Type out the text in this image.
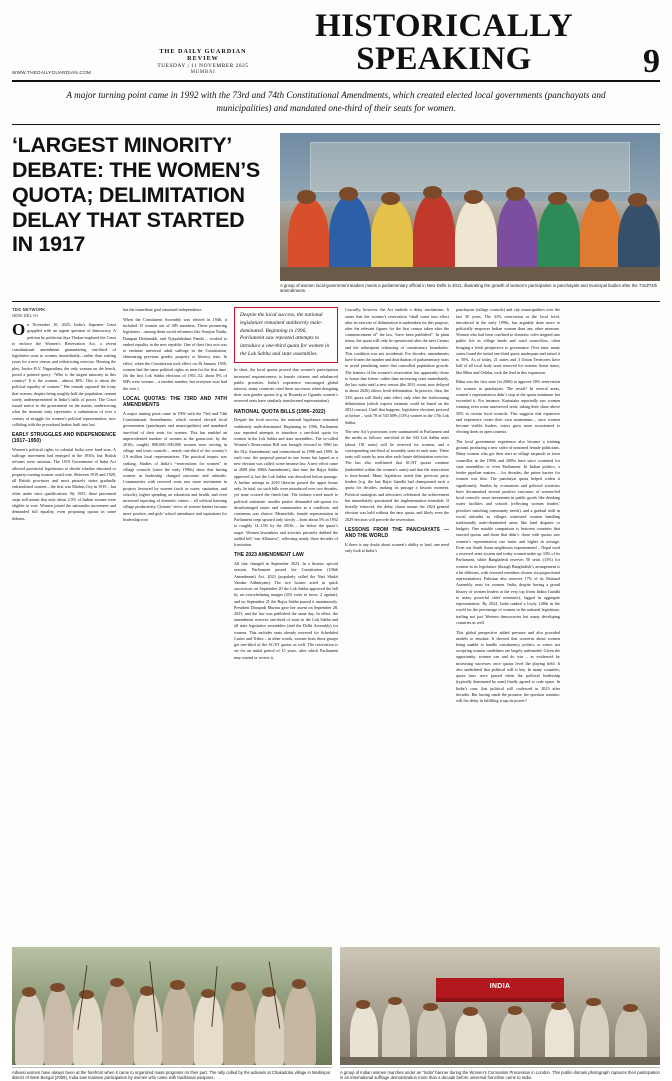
WWW.THEDAILYGUARDIAN.COM
THE DAILY GUARDIAN REVIEW
TUESDAY | 11 NOVEMBER 2025
MUMBAI
HISTORICALLY SPEAKING	9
A major turning point came in 1992 with the 73rd and 74th Constitutional Amendments, which created elected local governments (panchayats and municipalities) and mandated one-third of their seats for women.
‘LARGEST MINORITY’ DEBATE: THE WOMEN’S QUOTA; DELIMITATION DELAY THAT STARTED IN 1917
A group of women local-government leaders meets a parliamentary official in New Delhi in 2011, illustrating the growth of women’s participation in panchayats and municipal bodies after the 73rd/74th amendments.
TDG NETWORK
NEW DEL HI

On November 10, 2025, India’s Supreme Court grappled with an urgent question of democracy. A petition by politician Jaya Thakur implored the Court to enforce the Women’s Reservation Act, a recent constitutional amendment guaranteeing one-third of legislative seats to women, immediately—rather than waiting years for a new census and redistricting exercise. Hearing the plea, Justice B.V. Nagarathna, the only woman on the bench, posed a pointed query: “Who is the largest minority in this country? It is the woman... almost 48%. This is about the political equality of women.” Her remark captured the irony that women, despite being roughly half the population, remain sorely underrepresented in India’s halls of power. The Court issued notice to the government on the matter, underscoring what the moment truly represents: a culmination of over a century of struggle for women’s political representation, now colliding with the procedural brakes built into law.

EARLY STRUGGLES AND INDEPENDENCE (1917–1950)

Women’s political rights in colonial India were hard-won. A suffrage movement had emerged in the 1910s, but British reforms were cautious. The 1919 Government of India Act allowed provincial legislatures to decide whether educated or property-owning women could vote. Between 1919 and 1929, all British provinces and most princely states gradually enfranchised women – the first was Madras City in 1919 – but often under strict qualifications. By 1935, these piecemeal steps still meant that only about 2.5% of Indian women were eligible to vote. Women joined the nationalist movement and demanded full equality, even proposing quotas in some debates,

but the immediate goal remained independence.

When the Constituent Assembly was elected in 1946, it included 15 women out of 389 members. These pioneering legislators – among them social reformers like Sarojini Naidu, Dampati Deshmukh, and Vijayalakshmi Pandit – worked to embed equality in the new republic. One of their first acts was to enshrine universal adult suffrage in the Constitution, eliminating previous gender, property or literacy tests. In effect, when the Constitution took effect on 26 January 1950, women had the same political rights as men for the first time. (In the first Lok Sabha elections of 1951–52, about 8% of MPs were women – a modest number, but everyone now had the vote.)

LOCAL QUOTAS: THE 73RD AND 74TH AMENDMENTS

A major turning point came in 1992 with the 73rd and 74th Constitutional Amendments, which created elected local governments (panchayats and municipalities) and mandated one-third of their seats for women. This has enabled an unprecedented number of women at the grassroots: by the 2010s, roughly 800,000–900,000 women were serving in village and town councils – nearly one-third of the country’s 2.9 million local representatives. The practical impact was striking. Studies of India’s “reservations for women” in village councils (since the early 1990s) show that having women in leadership changed outcomes and attitudes. Communities with reserved seats saw more investment in projects favoured by women (such as water, sanitation, and schools), higher spending on education and health, and even increased reporting of domestic crimes – all without harming village productivity. Citizens’ views of women leaders became more positive, and girls’ school attendance and aspirations for leadership rose.

Despite the local success, the national legislature remained stubbornly male-dominated. Beginning in 1996, Parliament saw repeated attempts to introduce a one-third quota for women in the Lok Sabha and state assemblies.

In short, the local quotas proved that women’s participation increased responsiveness to female citizens and rebalanced public priorities. India’s experience encouraged global interest; many countries cited these successes when designing their own gender quotas (e.g. in Rwanda or Uganda, women’s reserved seats have similarly transformed representation).

NATIONAL QUOTA BILLS (1996–2022)

Despite the local success, the national legislature remained stubbornly male-dominated. Beginning in 1996, Parliament saw repeated attempts to introduce a one-third quota for women in the Lok Sabha and state assemblies. The so-called Women’s Reservation Bill was brought forward in 1996 (as the 81st Amendment) and reintroduced in 1998 and 1999. In each case, the proposal passed in one house but lapsed as a new election was called; some became law. A new effort came in 2008 (the 108th Amendment), that time the Rajya Sabha approved it, but the Lok Sabha was dissolved before passage. A further attempt in 2010 likewise passed the upper house only. In total, six such bills were introduced over two decades, yet none crossed the finish line. The failures owed much to political stalemate: smaller parties demanded sub-quotas for disadvantaged castes and communities as a condition, and consensus was elusive. Meanwhile, female representation in Parliament crept upward only slowly – from about 5% in 1952 to roughly 14–15% by the 2010s – far below the quota’s target. Women lawmakers and activists privately dubbed the stalled bill “our Albatross”, reflecting nearly three decades of frustration.

THE 2023 AMENDMENT LAW

All that changed in September 2023. In a historic special session, Parliament passed the Constitution (106th Amendment) Act, 2023 (popularly called the Nari Shakti Vandan Adhiniyam). The two houses acted in quick succession: on September 20 the Lok Sabha approved the bill by an overwhelming margin (454 votes in favor, 2 against), and on September 21 the Rajya Sabha passed it unanimously. President Droupadi Murmu gave her assent on September 28, 2023, and the law was published the same day. In effect, the amendment reserves one-third of seats in the Lok Sabha and all state legislative assemblies (and the Delhi Assembly) for women. This includes seats already reserved for Scheduled Castes and Tribes – in other words, women from those groups get one-third of the SC/ST quotas as well. The reservation is set for an initial period of 15 years, after which Parliament may extend or review it.

Crucially, however, the Act embeds a delay mechanism. It states that the women’s reservation “shall come into effect after an exercise of delimitation is undertaken for this purpose, after the relevant figures for the first census taken after the commencement of” the law, “have been published”. In plain terms, the quota will only be operational after the next Census and the subsequent redrawing of constituency boundaries. This condition was not accidental. For decades, amendments have frozen the number and distribution of parliamentary seats to avoid penalizing states that controlled population growth. The framers of the women’s reservation law apparently chose to honor that freeze: rather than increasing seats immediately, the law waits until a new census (the 2031 count, now delayed to about 2026) allows fresh delimitation. In practice, then, the 33% quota will likely take effect only after the forthcoming delimitation (which experts estimate could be based on the 2031 census). Until that happens, legislative elections proceed as before – with 78 of 543 MPs (13%) women in the 17th Lok Sabha.

The new Act’s provisions were summarized in Parliament and the media as follows: one-third of the 543 Lok Sabha seats (about 181 seats) will be reserved for women, and a corresponding one-third of assembly seats in each state. These seats will rotate by area after each future delimitation exercise. The law also reaffirmed that SC/ST quotas continue (embedded within the women’s seats) and that the reservation is time-bound. Many legislators noted that previous party leaders (e.g. the late Rajiv Gandhi had championed such a quota for decades, making its passage a historic moment. Political strategists and advocates celebrated the achievement but immediately questioned the implementation timetable. If literally enforced, the delay clause means the 2024 general election was held without the new quota, and likely even the 2029 election will precede the reservation.

LESSONS FROM THE PANCHAYATS — AND THE WORLD

If there is any doubt about women’s ability to lead, one need only look at India’s

panchayats (village councils) and city municipalities over the last 30 years. The 33% reservation at the local level, introduced in the early 1990s, has arguably done more to politically empower Indian women than any other measure. Women who had been confined to domestic roles stepped into public life as village heads and ward councillors, often bringing a fresh perspective to governance. Over time, many states found the initial one-third quota inadequate and raised it to 50%. As of today, 21 states and 3 Union Territories have half of all local body seats reserved for women. Some states, like Bihar and Odisha, took the lead in this expansion.

Bihar was the first state (in 2006) to approve 50% reservation for women in panchayats. The result? In several areas, women’s representation didn’t stop at the quota minimum but exceeded it. For instance, Karnataka reportedly saw women winning even some unreserved seats, taking their share above 50% in certain local councils. This suggests that expansive and experience create their own momentum – once women become visible leaders, voters grow more accustomed to electing them in open contests.

The local government experience also became a training ground, producing a new cadre of seasoned female politicians. Many women who got their start as village sarpanch or town councillor in the 1990s and 2000s have since contested for state assemblies or even Parliament. In Indian politics, a feeder pipeline matters – for decades, the prime barrier for women was thin. The panchayat quota helped widen it significantly. Studies by economists and political scientists have documented several positive outcomes of women-led local councils: more investment in public goods like drinking water facilities and schools (reflecting women leaders’ priorities matching community needs), and a gradual shift in social attitudes as villages witnessed women handling traditionally male-dominated areas like land disputes or budgets. One notable comparison is between countries that enacted quotas and those that didn’t: those with quotas saw women’s representation rise faster and higher in average. Even our South Asian neighbours experimented – Nepal used a reserved seats system and today women make up 33% of its Parliament, while Bangladesh reserves 50 seats (13%) for women in its legislature (though Bangladesh’s arrangement is a bit different, with reserved members chosen via proportional representation). Pakistan also reserves 17% of its National Assembly seats for women. India, despite having a proud history of women leaders at the very top (from Indira Gandhi to many powerful chief ministers), lagged in aggregate representation. By 2022, India ranked a lowly 148th in the world for the percentage of women in the national legislature, trailing not just Western democracies but many developing countries as well.

This global perspective added pressure and also provided models to emulate. It showed that concerns about women being unable to handle constituency politics or voters not accepting women candidates are largely unfounded. Given the opportunity, women can and do win – as evidenced by increasing successes once quotas level the playing field. It also underlined that political will is key. In many countries, quota laws were passed when the political leadership (typically dominated by men) finally agreed to cede space. In India’s case, that political will coalesced in 2023 after decades. But having made the promise, the question remains: will the delay in fulfilling it sap its power?

Adivasi women have always been at the forefront when it came to organized mass programs on their part. The rally called by the adivasis at Chakadoba village in Medinipur district of West Bengal (2009), India saw massive participation by women who came with traditional weapons.
INDIA
A group of Indian women marches under an “India” banner during the Women’s Coronation Procession in London. This public-domain photograph captures their participation in an international suffrage demonstration more than a decade before universal franchise came to India.
